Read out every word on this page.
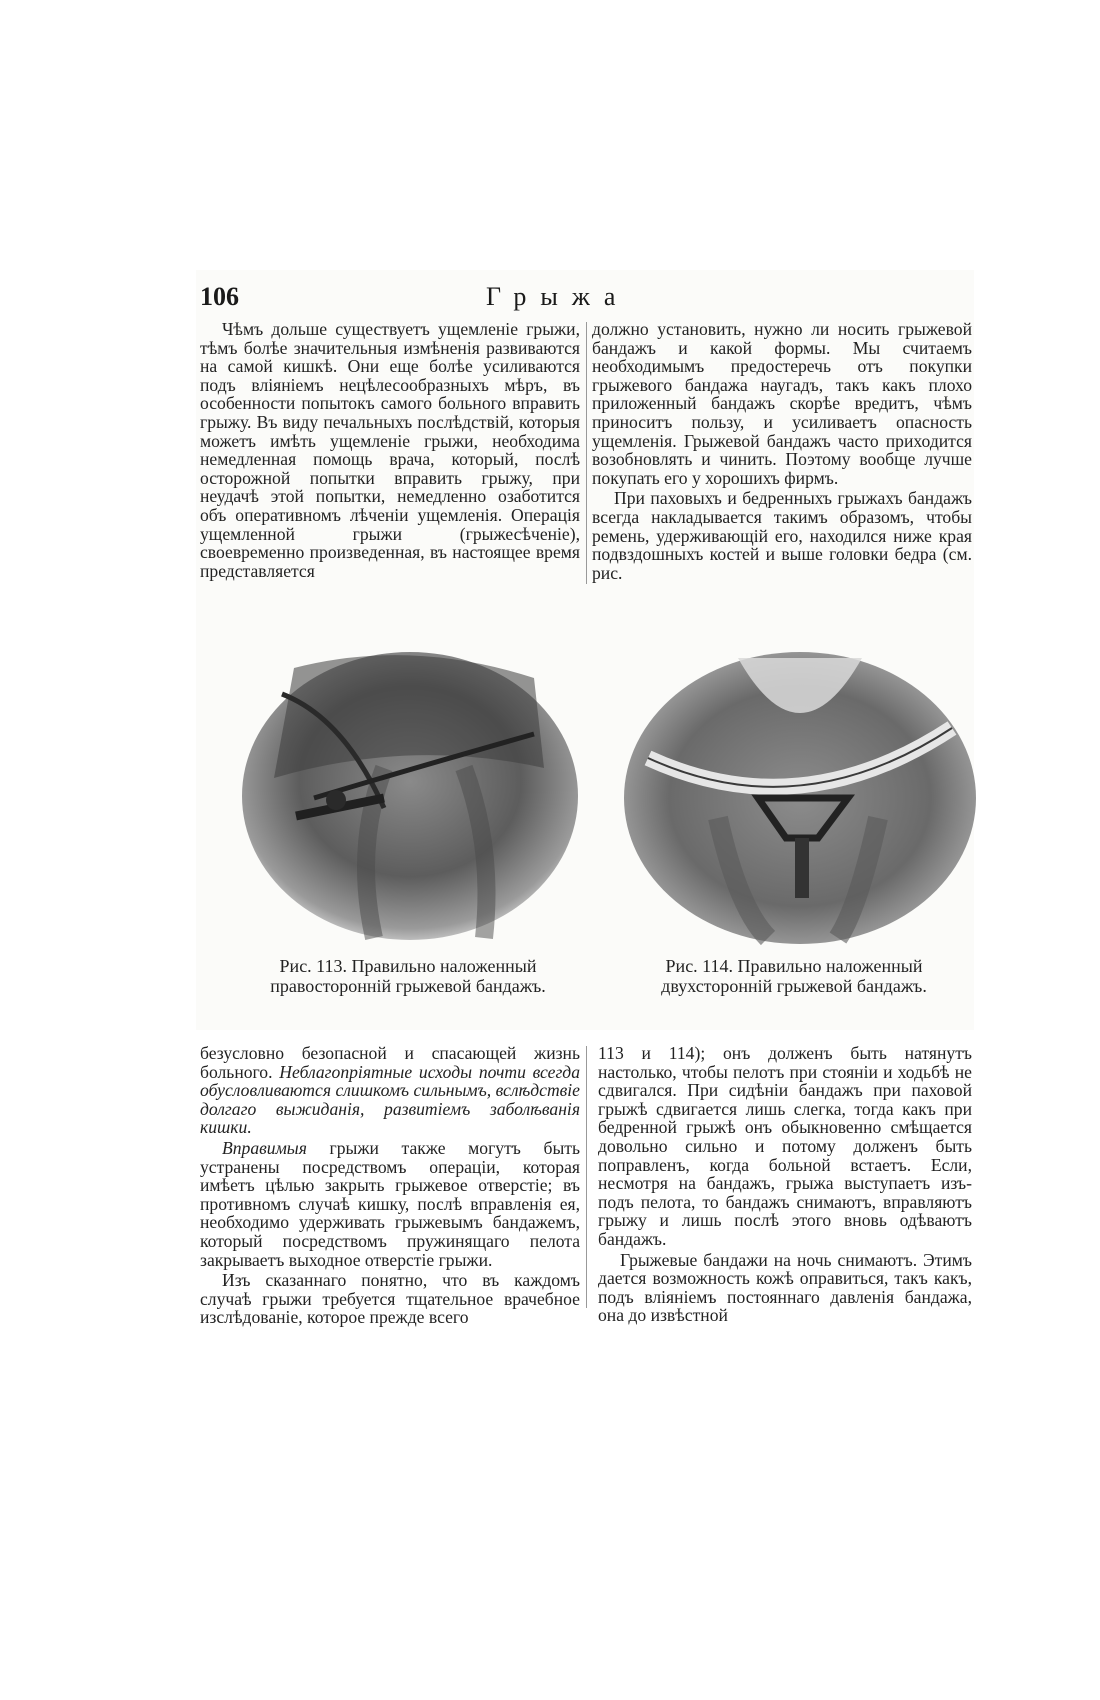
106	Грыжа

Чѣмъ дольше существуетъ ущемленіе грыжи, тѣмъ болѣе значительныя измѣненія развиваются на самой кишкѣ. Они еще болѣе усиливаются подъ вліяніемъ нецѣлесообразныхъ мѣръ, въ особенности попытокъ самого больного вправить грыжу. Въ виду печальныхъ послѣдствій, которыя можетъ имѣть ущемленіе грыжи, необходима немедленная помощь врача, который, послѣ осторожной попытки вправить грыжу, при неудачѣ этой попытки, немедленно озаботится объ оперативномъ лѣченіи ущемленія. Операція ущемленной грыжи (грыжесѣченіе), своевременно произведенная, въ настоящее время представляется

должно установить, нужно ли носить грыжевой бандажъ и какой формы. Мы считаемъ необходимымъ предостеречь отъ покупки грыжевого бандажа наугадъ, такъ какъ плохо приложенный бандажъ скорѣе вредитъ, чѣмъ приноситъ пользу, и усиливаетъ опасность ущемленія. Грыжевой бандажъ часто приходится возобновлять и чинить. Поэтому вообще лучше покупать его у хорошихъ фирмъ.

При паховыхъ и бедренныхъ грыжахъ бандажъ всегда накладывается такимъ образомъ, чтобы ремень, удерживающій его, находился ниже края подвздошныхъ костей и выше головки бедра (см. рис.

Рис. 113. Правильно наложенный правосторонній грыжевой бандажъ.
Рис. 114. Правильно наложенный двухсторонній грыжевой бандажъ.

безусловно безопасной и спасающей жизнь больного. Неблагопріятные исходы почти всегда обусловливаются слишкомъ сильнымъ, вслѣдствіе долгаго выжиданія, развитіемъ заболѣванія кишки.

Вправимыя грыжи также могутъ быть устранены посредствомъ операціи, которая имѣетъ цѣлью закрыть грыжевое отверстіе; въ противномъ случаѣ кишку, послѣ вправленія ея, необходимо удерживать грыжевымъ бандажемъ, который посредствомъ пружинящаго пелота закрываетъ выходное отверстіе грыжи.

Изъ сказаннаго понятно, что въ каждомъ случаѣ грыжи требуется тщательное врачебное изслѣдованіе, которое прежде всего

113 и 114); онъ долженъ быть натянутъ настолько, чтобы пелотъ при стояніи и ходьбѣ не сдвигался. При сидѣніи бандажъ при паховой грыжѣ сдвигается лишь слегка, тогда какъ при бедренной грыжѣ онъ обыкновенно смѣщается довольно сильно и потому долженъ быть поправленъ, когда больной встаетъ. Если, несмотря на бандажъ, грыжа выступаетъ изъ-подъ пелота, то бандажъ снимаютъ, вправляютъ грыжу и лишь послѣ этого вновь одѣваютъ бандажъ.

Грыжевые бандажи на ночь снимаютъ. Этимъ дается возможность кожѣ оправиться, такъ какъ, подъ вліяніемъ постояннаго давленія бандажа, она до извѣстной
